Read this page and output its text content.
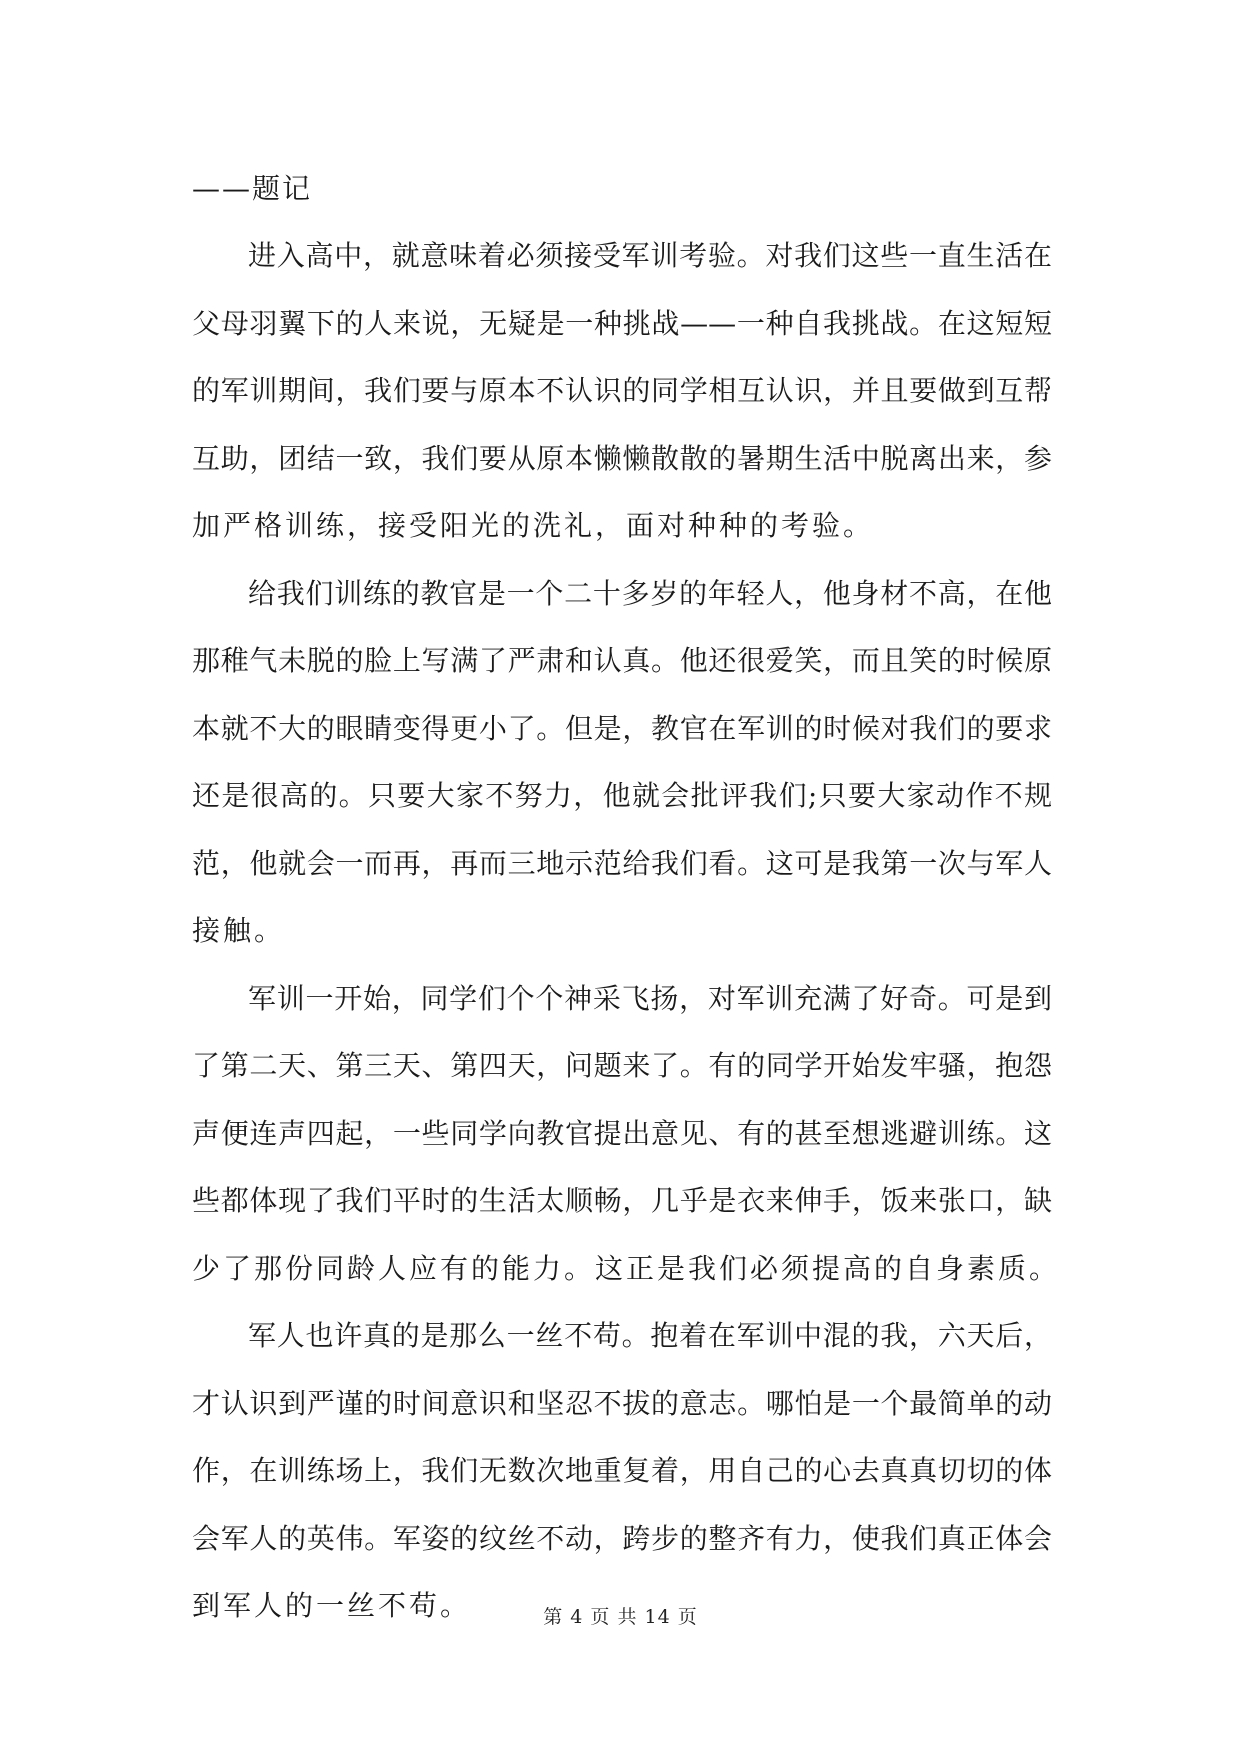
——题记

进入高中，就意味着必须接受军训考验。对我们这些一直生活在
父母羽翼下的人来说，无疑是一种挑战——一种自我挑战。在这短短
的军训期间，我们要与原本不认识的同学相互认识，并且要做到互帮
互助，团结一致，我们要从原本懒懒散散的暑期生活中脱离出来，参
加严格训练，接受阳光的洗礼，面对种种的考验。
给我们训练的教官是一个二十多岁的年轻人，他身材不高，在他
那稚气未脱的脸上写满了严肃和认真。他还很爱笑，而且笑的时候原
本就不大的眼睛变得更小了。但是，教官在军训的时候对我们的要求
还是很高的。只要大家不努力，他就会批评我们;只要大家动作不规
范，他就会一而再，再而三地示范给我们看。这可是我第一次与军人
接触。
军训一开始，同学们个个神采飞扬，对军训充满了好奇。可是到
了第二天、第三天、第四天，问题来了。有的同学开始发牢骚，抱怨
声便连声四起，一些同学向教官提出意见、有的甚至想逃避训练。这
些都体现了我们平时的生活太顺畅，几乎是衣来伸手，饭来张口，缺
少了那份同龄人应有的能力。这正是我们必须提高的自身素质。
军人也许真的是那么一丝不苟。抱着在军训中混的我，六天后，
才认识到严谨的时间意识和坚忍不拔的意志。哪怕是一个最简单的动
作，在训练场上，我们无数次地重复着，用自己的心去真真切切的体
会军人的英伟。军姿的纹丝不动，跨步的整齐有力，使我们真正体会
到军人的一丝不苟。	第 4 页 共 14 页
